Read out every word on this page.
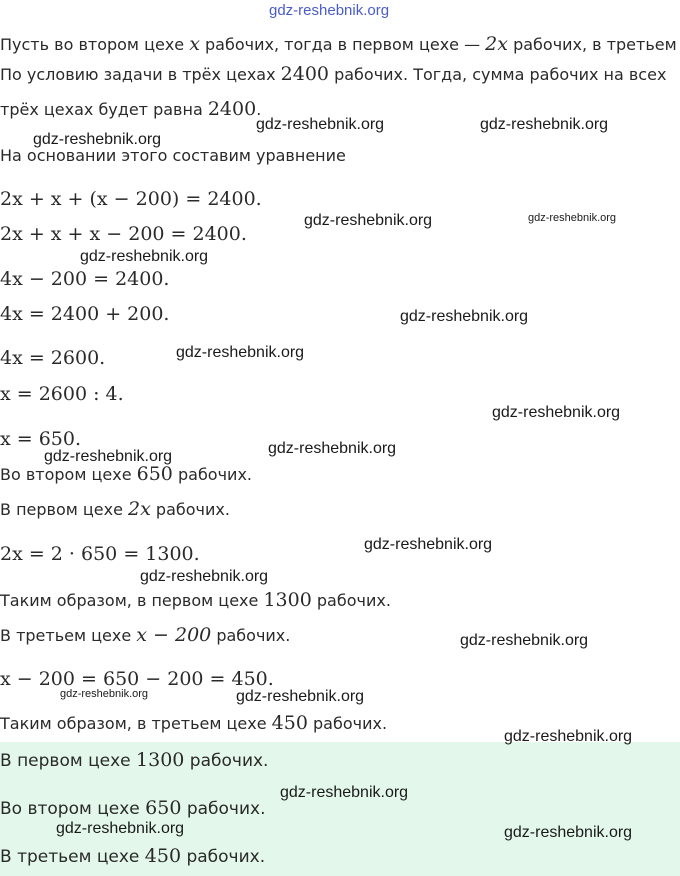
gdz-reshebnik.org
Пусть во втором цехе x рабочих, тогда в первом цехе — 2x рабочих, в третьем
По условию задачи в трёх цехах 2400 рабочих. Тогда, сумма рабочих на всех
трёх цехах будет равна 2400.
На основании этого составим уравнение
2x + x + (x − 200) = 2400.
2x + x + x − 200 = 2400.
4x − 200 = 2400.
4x = 2400 + 200.
4x = 2600.
x = 2600 : 4.
x = 650.
Во втором цехе 650 рабочих.
В первом цехе 2x рабочих.
2x = 2 · 650 = 1300.
Таким образом, в первом цехе 1300 рабочих.
В третьем цехе x − 200 рабочих.
x − 200 = 650 − 200 = 450.
Таким образом, в третьем цехе 450 рабочих.
В первом цехе 1300 рабочих.
Во втором цехе 650 рабочих.
В третьем цехе 450 рабочих.
gdz-reshebnik.org
gdz-reshebnik.org	gdz-reshebnik.org
gdz-reshebnik.org	gdz-reshebnik.org
gdz-reshebnik.org
gdz-reshebnik.org
gdz-reshebnik.org
gdz-reshebnik.org
gdz-reshebnik.org
gdz-reshebnik.org
gdz-reshebnik.org
gdz-reshebnik.org
gdz-reshebnik.org
gdz-reshebnik.org	gdz-reshebnik.org
gdz-reshebnik.org
gdz-reshebnik.org
gdz-reshebnik.org	gdz-reshebnik.org
